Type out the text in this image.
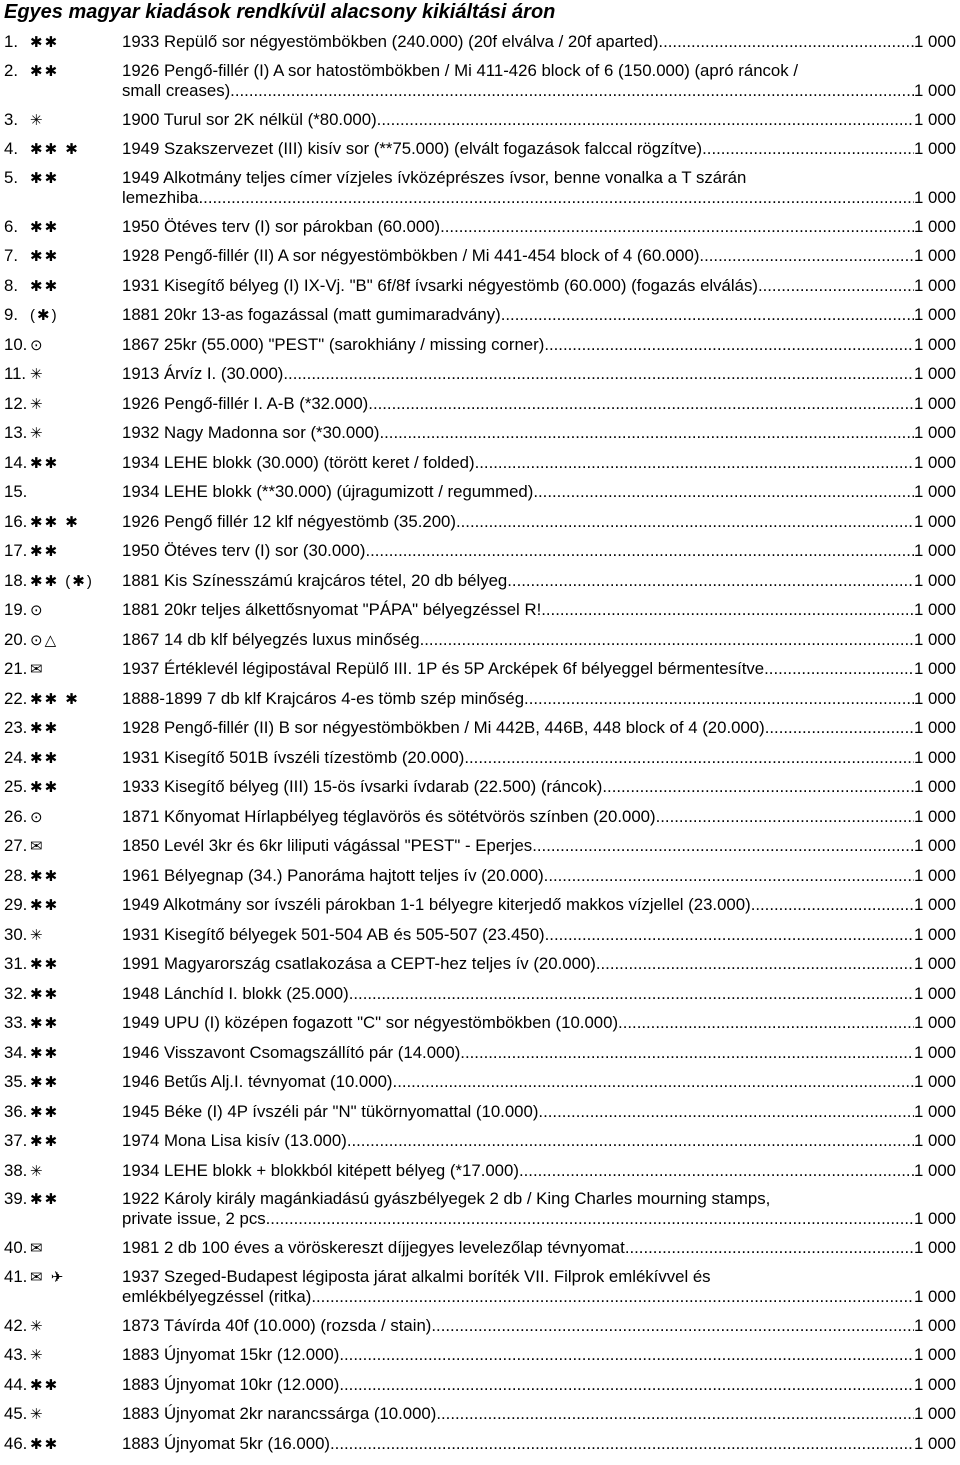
Egyes magyar kiadások rendkívül alacsony kikiáltási áron
1. ✱✱	1933 Repülő sor négyestömbökben (240.000) (20f elválva / 20f aparted) .....	1 000
2. ✱✱	1926 Pengő-fillér (I) A sor hatostömbökben / Mi 411-426 block of 6 (150.000) (apró ráncok /
small creases) .....	1 000
3. ✳	1900 Turul sor 2K nélkül (*80.000) .....	1 000
4. ✱✱ ✱	1949 Szakszervezet (III) kisív sor (**75.000) (elvált fogazások falccal rögzítve) .....	1 000
5. ✱✱	1949 Alkotmány teljes címer vízjeles ívközéprészes ívsor, benne vonalka a T szárán
lemezhiba .....	1 000
6. ✱✱	1950 Ötéves terv (I) sor párokban (60.000) .....	1 000
7. ✱✱	1928 Pengő-fillér (II) A sor négyestömbökben / Mi 441-454 block of 4 (60.000) .....	1 000
8. ✱✱	1931 Kisegítő bélyeg (I) IX-Vj. "B" 6f/8f ívsarki négyestömb (60.000) (fogazás elválás) .....	1 000
9. (✱)	1881 20kr 13-as fogazással (matt gumimaradvány) .....	1 000
10. ⊙	1867 25kr (55.000) "PEST" (sarokhiány / missing corner) .....	1 000
11. ✳	1913 Árvíz I. (30.000) .....	1 000
12. ✳	1926 Pengő-fillér I. A-B (*32.000) .....	1 000
13. ✳	1932 Nagy Madonna sor (*30.000) .....	1 000
14. ✱✱	1934 LEHE blokk (30.000) (törött keret / folded) .....	1 000
15.	1934 LEHE blokk (**30.000) (újragumizott / regummed) .....	1 000
16. ✱✱ ✱	1926 Pengő fillér 12 klf négyestömb (35.200) .....	1 000
17. ✱✱	1950 Ötéves terv (I) sor (30.000) .....	1 000
18. ✱✱ (✱)	1881 Kis Színesszámú krajcáros tétel, 20 db bélyeg .....	1 000
19. ⊙	1881 20kr teljes álkettősnyomat "PÁPA" bélyegzéssel R!. .....	1 000
20. ⊙△	1867 14 db klf bélyegzés luxus minőség .....	1 000
21. ✉	1937 Értéklevél légipostával Repülő III. 1P és 5P Arcképek 6f bélyeggel bérmentesítve .....	1 000
22. ✱✱ ✱	1888-1899 7 db klf Krajcáros 4-es tömb szép minőség .....	1 000
23. ✱✱	1928 Pengő-fillér (II) B sor négyestömbökben / Mi 442B, 446B, 448 block of 4 (20.000) .....	1 000
24. ✱✱	1931 Kisegítő 501B ívszéli tízestömb (20.000) .....	1 000
25. ✱✱	1933 Kisegítő bélyeg (III) 15-ös ívsarki ívdarab (22.500) (ráncok) .....	1 000
26. ⊙	1871 Kőnyomat Hírlapbélyeg téglavörös és sötétvörös színben (20.000) .....	1 000
27. ✉	1850 Levél 3kr és 6kr liliputi vágással "PEST" - Eperjes .....	1 000
28. ✱✱	1961 Bélyegnap (34.) Panoráma hajtott teljes ív (20.000) .....	1 000
29. ✱✱	1949 Alkotmány sor ívszéli párokban 1-1 bélyegre kiterjedő makkos vízjellel (23.000) .....	1 000
30. ✳	1931 Kisegítő bélyegek 501-504 AB és 505-507 (23.450) .....	1 000
31. ✱✱	1991 Magyarország csatlakozása a CEPT-hez teljes ív (20.000) .....	1 000
32. ✱✱	1948 Lánchíd I. blokk (25.000) .....	1 000
33. ✱✱	1949 UPU (I) középen fogazott "C" sor négyestömbökben (10.000) .....	1 000
34. ✱✱	1946 Visszavont Csomagszállító pár (14.000) .....	1 000
35. ✱✱	1946 Betűs Alj.I. tévnyomat (10.000) .....	1 000
36. ✱✱	1945 Béke (I) 4P ívszéli pár "N" tükörnyomattal (10.000) .....	1 000
37. ✱✱	1974 Mona Lisa kisív (13.000) .....	1 000
38. ✳	1934 LEHE blokk + blokkból kitépett bélyeg (*17.000) .....	1 000
39. ✱✱	1922 Károly király magánkiadású gyászbélyegek 2 db / King Charles mourning stamps,
private issue, 2 pcs .....	1 000
40. ✉	1981 2 db 100 éves a vöröskereszt díjjegyes levelezőlap tévnyomat .....	1 000
41. ✉ ✈	1937 Szeged-Budapest légiposta járat alkalmi boríték VII. Filprok emlékívvel és
emlékbélyegzéssel (ritka) .....	1 000
42. ✳	1873 Távírda 40f (10.000) (rozsda / stain) .....	1 000
43. ✳	1883 Újnyomat 15kr (12.000) .....	1 000
44. ✱✱	1883 Újnyomat 10kr (12.000) .....	1 000
45. ✳	1883 Újnyomat 2kr narancssárga (10.000) .....	1 000
46. ✱✱	1883 Újnyomat 5kr (16.000) .....	1 000
